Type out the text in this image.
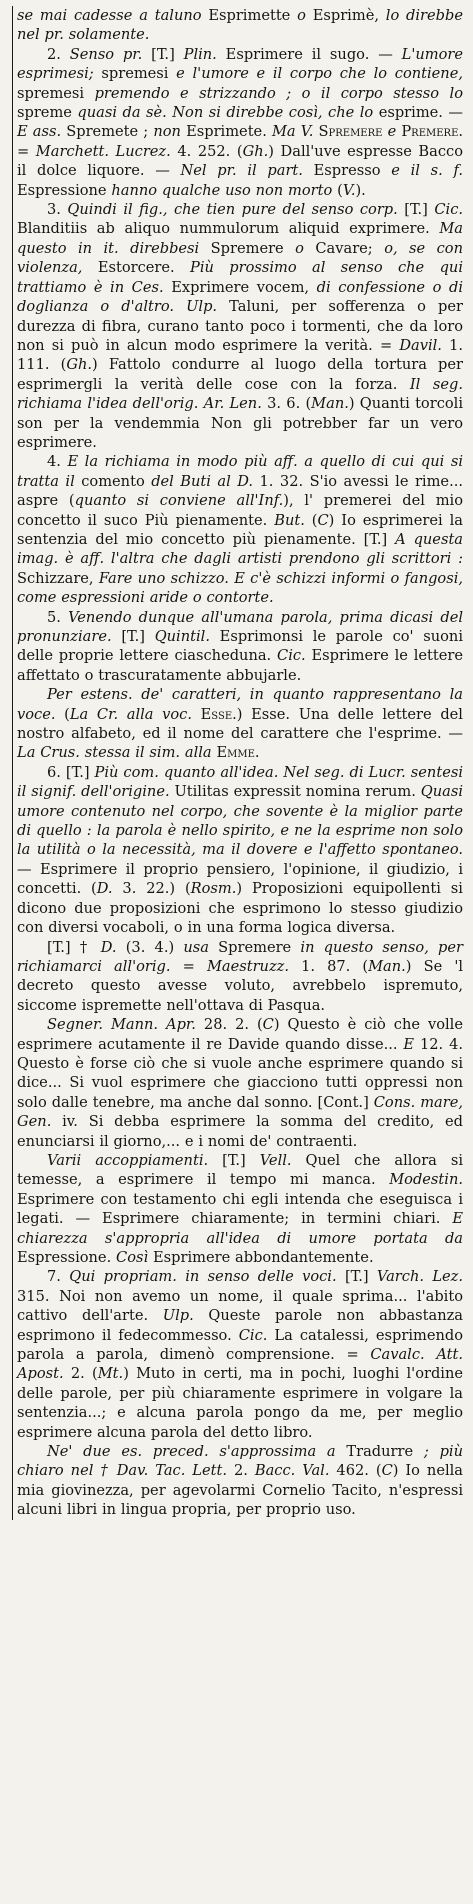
se mai cadesse a taluno Esprimette o Esprimè, lo direbbe nel pr. solamente.

2. Senso pr. [T.] Plin. Esprimere il sugo. — L'umore esprimesi; spremesi e l'umore e il corpo che lo contiene, spremesi premendo e strizzando ; o il corpo stesso lo spreme quasi da sè. Non si direbbe così, che lo esprime. — E ass. Spremete ; non Esprimete. Ma V. Spremere e Premere. = Marchett. Lucrez. 4. 252. (Gh.) Dall'uve espresse Bacco il dolce liquore. — Nel pr. il part. Espresso e il s. f. Espressione hanno qualche uso non morto (V.).

3. Quindi il fig., che tien pure del senso corp. [T.] Cic. Blanditiis ab aliquo nummulorum aliquid exprimere. Ma questo in it. direbbesi Spremere o Cavare; o, se con violenza, Estorcere. Più prossimo al senso che qui trattiamo è in Ces. Exprimere vocem, di confessione o di doglianza o d'altro. Ulp. Taluni, per sofferenza o per durezza di fibra, curano tanto poco i tormenti, che da loro non si può in alcun modo esprimere la verità. = Davil. 1. 111. (Gh.) Fattolo condurre al luogo della tortura per esprimergli la verità delle cose con la forza. Il seg. richiama l'idea dell'orig. Ar. Len. 3. 6. (Man.) Quanti torcoli son per la vendemmia Non gli potrebber far un vero esprimere.

4. E la richiama in modo più aff. a quello di cui qui si tratta il comento del Buti al D. 1. 32. S'io avessi le rime... aspre (quanto si conviene all'Inf.), l' premerei del mio concetto il suco Più pienamente. But. (C) Io esprimerei la sentenzia del mio concetto più pienamente. [T.] A questa imag. è aff. l'altra che dagli artisti prendono gli scrittori : Schizzare, Fare uno schizzo. E c'è schizzi informi o fangosi, come espressioni aride o contorte.

5. Venendo dunque all'umana parola, prima dicasi del pronunziare. [T.] Quintil. Esprimonsi le parole co' suoni delle proprie lettere ciascheduna. Cic. Esprimere le lettere affettato o trascuratamente abbujarle.

Per estens. de' caratteri, in quanto rappresentano la voce. (La Cr. alla voc. Esse.) Esse. Una delle lettere del nostro alfabeto, ed il nome del carattere che l'esprime. — La Crus. stessa il sim. alla Emme.

6. [T.] Più com. quanto all'idea. Nel seg. di Lucr. sentesi il signif. dell'origine. Utilitas expressit nomina rerum. Quasi umore contenuto nel corpo, che sovente è la miglior parte di quello : la parola è nello spirito, e ne la esprime non solo la utilità o la necessità, ma il dovere e l'affetto spontaneo. — Esprimere il proprio pensiero, l'opinione, il giudizio, i concetti. (D. 3. 22.) (Rosm.) Proposizioni equipollenti si dicono due proposizioni che esprimono lo stesso giudizio con diversi vocaboli, o in una forma logica diversa.

[T.] † D. (3. 4.) usa Spremere in questo senso, per richiamarci all'orig. = Maestruzz. 1. 87. (Man.) Se 'l decreto questo avesse voluto, avrebbelo ispremuto, siccome ispremette nell'ottava di Pasqua.

Segner. Mann. Apr. 28. 2. (C) Questo è ciò che volle esprimere acutamente il re Davide quando disse... E 12. 4. Questo è forse ciò che si vuole anche esprimere quando si dice... Si vuol esprimere che giacciono tutti oppressi non solo dalle tenebre, ma anche dal sonno. [Cont.] Cons. mare, Gen. iv. Si debba esprimere la somma del credito, ed enunciarsi il giorno,... e i nomi de' contraenti.

Varii accoppiamenti. [T.] Vell. Quel che allora si temesse, a esprimere il tempo mi manca. Modestin. Esprimere con testamento chi egli intenda che eseguisca i legati. — Esprimere chiaramente; in termini chiari. E chiarezza s'appropria all'idea di umore portata da Espressione. Così Esprimere abbondantemente.

7. Qui propriam. in senso delle voci. [T.] Varch. Lez. 315. Noi non avemo un nome, il quale sprima... l'abito cattivo dell'arte. Ulp. Queste parole non abbastanza esprimono il fedecommesso. Cic. La catalessi, esprimendo parola a parola, dimenò comprensione. = Cavalc. Att. Apost. 2. (Mt.) Muto in certi, ma in pochi, luoghi l'ordine delle parole, per più chiaramente esprimere in volgare la sentenzia...; e alcuna parola pongo da me, per meglio esprimere alcuna parola del detto libro.

Ne' due es. preced. s'approssima a Tradurre ; più chiaro nel † Dav. Tac. Lett. 2. Bacc. Val. 462. (C) Io nella mia giovinezza, per agevolarmi Cornelio Tacito, n'espressi alcuni libri in lingua propria, per proprio uso.
